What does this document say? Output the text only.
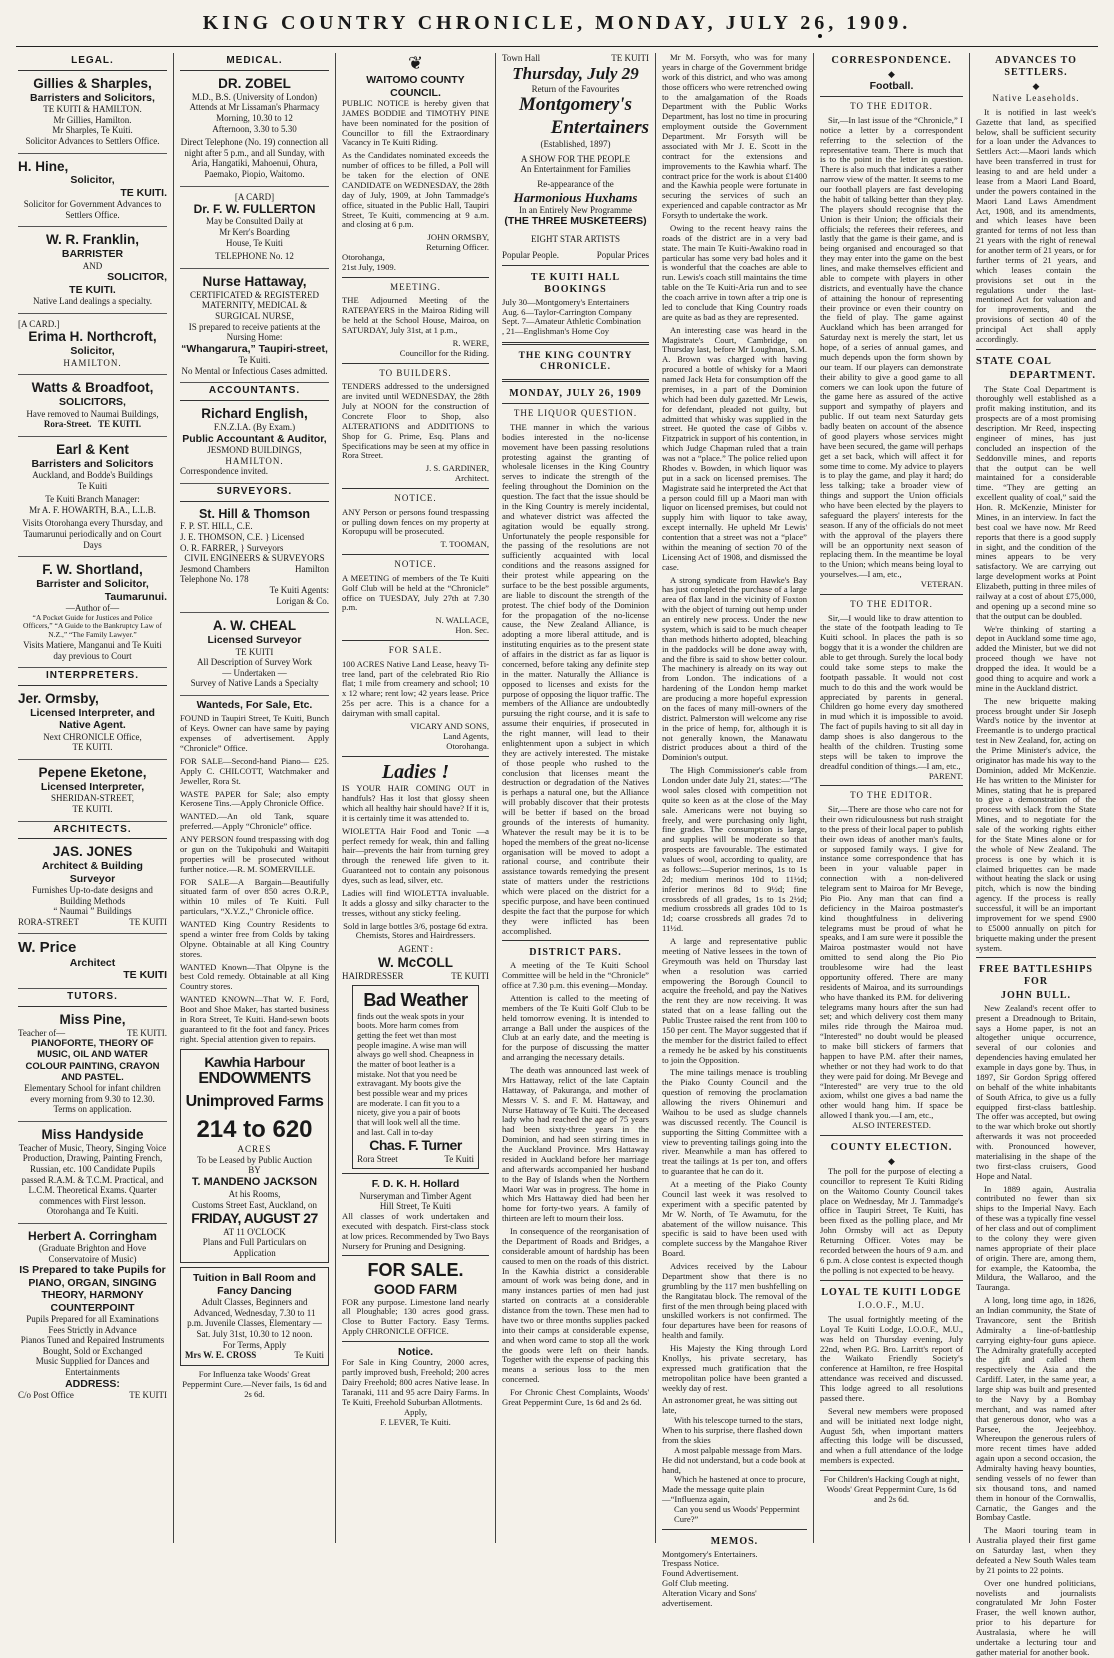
KING COUNTRY CHRONICLE, MONDAY, JULY 26, 1909.
LEGAL.
Gillies & Sharples,
Barristers and Solicitors,
TE KUITI & HAMILTON.
Mr Gillies, Hamilton.
Mr Sharples, Te Kuiti.
Solicitor Advances to Settlers Office.
H. Hine,
Solicitor,
TE KUITI.
Solicitor for Government Advances to Settlers Office.
W. R. Franklin,
BARRISTER
AND
SOLICITOR,
TE KUITI.
Native Land dealings a specialty.
[A CARD.]
Erima H. Northcroft,
Solicitor,
HAMILTON.
Watts & Broadfoot,
SOLICITORS,
Have removed to Naumai Buildings,
Rora-Street. TE KUITI.
Earl & Kent
Barristers and Solicitors
Auckland, and Bodde's Buildings
Te Kuiti
Te Kuiti Branch Manager:
Mr A. F. HOWARTH, B.A., L.L.B.
Visits Otorohanga every Thursday, and Taumarunui periodically and on Court Days
F. W. Shortland,
Barrister and Solicitor,
Taumarunui.
—Author of—
“A Pocket Guide for Justices and Police Officers,” “A Guide to the Bankruptcy Law of N.Z.,” “The Family Lawyer.”
Visits Matiere, Manganui and Te Kuiti day previous to Court
INTERPRETERS.
Jer. Ormsby,
Licensed Interpreter, and Native Agent.
Next CHRONICLE Office,
TE KUITI.
Pepene Eketone,
Licensed Interpreter,
SHERIDAN-STREET,
TE KUITI.
ARCHITECTS.
JAS. JONES
Architect & Building Surveyor
Furnishes Up-to-date designs and Building Methods
“ Naumai ” Buildings
RORA-STREET	TE KUITI
W. Price
Architect
TE KUITI
TUTORS.
Miss Pine,
Teacher of—	TE KUITI.
PIANOFORTE, THEORY OF MUSIC, OIL AND WATER COLOUR PAINTING, CRAYON AND PASTEL.
Elementary School for infant children every morning from 9.30 to 12.30.
Terms on application.
Miss Handyside
Teacher of Music, Theory, Singing Voice Production, Drawing, Painting French, Russian, etc. 100 Candidate Pupils passed R.A.M. & T.C.M. Practical, and L.C.M. Theoretical Exams. Quarter commences with First lesson. Otorohanga and Te Kuiti.
Herbert A. Corringham
(Graduate Brighton and Hove Conservatoire of Music)
IS Prepared to take Pupils for
PIANO, ORGAN, SINGING THEORY, HARMONY COUNTERPOINT
Pupils Prepared for all Examinations
Fees Strictly in Advance
Pianos Tuned and Repaired Instruments Bought, Sold or Exchanged
Music Supplied for Dances and Entertainments
ADDRESS:
C/o Post Office	TE KUITI
MEDICAL.
DR. ZOBEL
M.D., B.S. (University of London)
Attends at Mr Lissaman's Pharmacy
Morning, 10.30 to 12
Afternoon, 3.30 to 5.30
Direct Telephone (No. 19) connection all night after 5 p.m., and all Sunday, with Aria, Hangatiki, Mahoenui, Ohura, Paemako, Piopio, Waitomo.
[A CARD]
Dr. F. W. FULLERTON
May be Consulted Daily at
Mr Kerr's Boarding
House, Te Kuiti
TELEPHONE No. 12
Nurse Hattaway,
CERTIFICATED & REGISTERED MATERNITY, MEDICAL & SURGICAL NURSE,
IS prepared to receive patients at the Nursing Home:
“Whangarura,” Taupiri-street,
Te Kuiti.
No Mental or Infectious Cases admitted.
ACCOUNTANTS.
Richard English,
F.N.Z.I.A. (By Exam.)
Public Accountant & Auditor,
JESMOND BUILDINGS,
HAMILTON.
Correspondence invited.
SURVEYORS.
St. Hill & Thomson
F. P. ST. HILL, C.E.
J. E. THOMSON, C.E. } Licensed
O. R. FARRER, } Surveyors
CIVIL ENGINEERS & SURVEYORS
Jesmond Chambers	Hamilton
Telephone No. 178
Te Kuiti Agents:
Lorigan & Co.
A. W. CHEAL
Licensed Surveyor
TE KUITI
All Description of Survey Work
— Undertaken —
Survey of Native Lands a Specialty
Wanteds, For Sale, Etc.

FOUND in Taupiri Street, Te Kuiti, Bunch of Keys. Owner can have same by paying expenses of advertisement. Apply “Chronicle” Office.

FOR SALE—Second-hand Piano— £25. Apply C. CHILCOTT, Watchmaker and Jeweller, Rora St.

WASTE PAPER for Sale; also empty Kerosene Tins.—Apply Chronicle Office.

WANTED.—An old Tank, square preferred.—Apply “Chronicle” office.

ANY PERSON found trespassing with dog or gun on the Tukipohuki and Waitapiti properties will be prosecuted without further notice.—R. M. SOMERVILLE.

FOR SALE—A Bargain—Beautifully situated farm of over 850 acres O.R.P., within 10 miles of Te Kuiti. Full particulars, “X.Y.Z.,” Chronicle office.

WANTED King Country Residents to spend a winter free from Colds by taking Olpyne. Obtainable at all King Country stores.

WANTED Known—That Olpyne is the best Cold remedy. Obtainable at all King Country stores.

WANTED KNOWN—That W. F. Ford, Boot and Shoe Maker, has started business in Rora Street, Te Kuiti. Hand-sewn boots guaranteed to fit the foot and fancy. Prices right. Special attention given to repairs.

Kawhia Harbour
ENDOWMENTS
Unimproved Farms
214 to 620
ACRES
To be Leased by Public Auction
BY
T. MANDENO JACKSON
At his Rooms,
Customs Street East, Auckland, on
FRIDAY, AUGUST 27
AT 11 O'CLOCK
Plans and Full Particulars on Application
Tuition in Ball Room and
Fancy Dancing
Adult Classes, Beginners and Advanced, Wednesday, 7.30 to 11 p.m. Juvenile Classes, Elementary —Sat. July 31st, 10.30 to 12 noon.
For Terms, Apply
Mrs W. E. CROSS	Te Kuiti
For Influenza take Woods' Great Peppermint Cure.—Never fails, 1s 6d and 2s 6d.
❦
WAITOMO COUNTY COUNCIL.

PUBLIC NOTICE is hereby given that JAMES BODDIE and TIMOTHY PINE have been nominated for the position of Councillor to fill the Extraordinary Vacancy in Te Kuiti Riding.

As the Candidates nominated exceeds the number of offices to be filled, a Poll will be taken for the election of ONE CANDIDATE on WEDNESDAY, the 28th day of July, 1909, at John Tammadge's office, situated in the Public Hall, Taupiri Street, Te Kuiti, commencing at 9 a.m. and closing at 6 p.m.

JOHN ORMSBY,
Returning Officer.
Otorohanga,
21st July, 1909.
MEETING.

THE Adjourned Meeting of the RATEPAYERS in the Mairoa Riding will be held at the School House, Mairoa, on SATURDAY, July 31st, at 1 p.m.,

R. WERE,
Councillor for the Riding.
TO BUILDERS.

TENDERS addressed to the undersigned are invited until WEDNESDAY, the 28th July at NOON for the construction of Concrete Floor to Shop, also ALTERATIONS and ADDITIONS to Shop for G. Prime, Esq. Plans and Specifications may be seen at my office in Rora Street.

J. S. GARDINER,
Architect.
NOTICE.

ANY Person or persons found trespassing or pulling down fences on my property at Koropupu will be prosecuted.

T. TOOMAN,
NOTICE.

A MEETING of members of the Te Kuiti Golf Club will be held at the “Chronicle” office on TUESDAY, July 27th at 7.30 p.m.

N. WALLACE,
Hon. Sec.
FOR SALE.

100 ACRES Native Land Lease, heavy Ti-tree land, part of the celebrated Rio Rio flat; 1 mile from creamery and school; 10 x 12 whare; rent low; 42 years lease. Price 25s per acre. This is a chance for a dairyman with small capital.

VICARY AND SONS,
Land Agents,
Otorohanga.
Ladies !

IS YOUR HAIR COMING OUT in handfuls? Has it lost that glossy sheen which all healthy hair should have? If it is, it is certainly time it was attended to.

WIOLETTA Hair Food and Tonic —a perfect remedy for weak, thin and falling hair—prevents the hair from turning grey through the renewed life given to it. Guaranteed not to contain any poisonous dyes, such as lead, silver, etc.

Ladies will find WIOLETTA invaluable. It adds a glossy and silky character to the tresses, without any sticky feeling.

Sold in large bottles 3/6, postage 6d extra. Chemists, Stores and Hairdressers.

AGENT :
W. McCOLL
HAIRDRESSER	TE KUITI
Bad Weather
finds out the weak spots in your boots. More harm comes from getting the feet wet than most people imagine. A wise man will always go well shod. Cheapness in the matter of boot leather is a mistake. Not that you need be extravagant. My boots give the best possible wear and my prices are moderate. I can fit you to a nicety, give you a pair of boots that will look well all the time. and last. Call in to-day
Chas. F. Turner
Rora Street	Te Kuiti
F. D. K. H. Hollard
Nurseryman and Timber Agent
Hill Street, Te Kuiti
All classes of work undertaken and executed with despatch. First-class stock at low prices. Recommended by Two Bays Nursery for Pruning and Designing.
FOR SALE.
GOOD FARM
FOR any purpose. Limestone land nearly all Ploughable; 130 acres good grass. Close to Butter Factory. Easy Terms. Apply CHRONICLE OFFICE.
Notice.
For Sale in King Country, 2000 acres, partly improved bush, Freehold; 200 acres Dairy Freehold; 800 acres Native lease. In Taranaki, 111 and 95 acre Dairy Farms. In Te Kuiti, Freehold Suburban Allotments.
Apply,
F. LEVER, Te Kuiti.
Town Hall	TE KUITI
Thursday, July 29
Return of the Favourites
Montgomery's
Entertainers
(Established, 1897)
A SHOW FOR THE PEOPLE
An Entertainment for Families
Re-appearance of the
Harmonious Huxhams
In an Entirely New Programme
(THE THREE MUSKETEERS)
EIGHT STAR ARTISTS
Popular People.	Popular Prices
TE KUITI HALL BOOKINGS
July 30—Montgomery's Entertainers
Aug. 6—Taylor-Carrington Company
Sept. 7—Amateur Athletic Combination
, 21—Englishman's Home Coy
THE KING COUNTRY CHRONICLE.
MONDAY, JULY 26, 1909
THE LIQUOR QUESTION.
THE manner in which the various bodies interested in the no-license movement have been passing resolutions protesting against the granting of wholesale licenses in the King Country serves to indicate the strength of the feeling throughout the Dominion on the question. The fact that the issue should be in the King Country is merely incidental, and whatever district was affected the agitation would be equally strong. Unfortunately the people responsible for the passing of the resolutions are not sufficiently acquainted with local conditions and the reasons assigned for their protest while appearing on the surface to be the best possible arguments, are liable to discount the strength of the protest. The chief body of the Dominion for the propagation of the no-license cause, the New Zealand Alliance, is adopting a more liberal attitude, and is instituting enquiries as to the present state of affairs in the district as far as liquor is concerned, before taking any definite step in the matter. Naturally the Alliance is opposed to licenses and exists for the purpose of opposing the liquor traffic. The members of the Alliance are undoubtedly pursuing the right course, and it is safe to assume their enquiries, if prosecuted in the right manner, will lead to their enlightenment upon a subject in which they are actively interested. The mistake of those people who rushed to the conclusion that licenses meant the destruction or degradation of the Natives is perhaps a natural one, but the Alliance will probably discover that their protests will be better if based on the broad grounds of the interests of humanity. Whatever the result may be it is to be hoped the members of the great no-license organisation will be moved to adopt a rational course, and contribute their assistance towards remedying the present state of matters under the restrictions which were placed on the district for a specific purpose, and have been continued despite the fact that the purpose for which they were inflicted has been accomplished.
DISTRICT PARS.

A meeting of the Te Kuiti School Committee will be held in the “Chronicle” office at 7.30 p.m. this evening—Monday.

Attention is called to the meeting of members of the Te Kuiti Golf Club to be held tomorrow evening. It is intended to arrange a Ball under the auspices of the Club at an early date, and the meeting is for the purpose of discussing the matter and arranging the necessary details.

The death was announced last week of Mrs Hattaway, relict of the late Captain Hattaway, of Pakuranga, and mother of Messrs V. S. and F. M. Hattaway, and Nurse Hattaway of Te Kuiti. The deceased lady who had reached the age of 75 years had been sixty-three years in the Dominion, and had seen stirring times in the Auckland Province. Mrs Hattaway resided in Auckland before her marriage and afterwards accompanied her husband to the Bay of Islands when the Northern Maori War was in progress. The home in which Mrs Hattaway died had been her home for forty-two years. A family of thirteen are left to mourn their loss.

In consequence of the reorganisation of the Department of Roads and Bridges, a considerable amount of hardship has been caused to men on the roads of this district. In the Kawhia district a considerable amount of work was being done, and in many instances parties of men had just started on contracts at a considerable distance from the town. These men had to have two or three months supplies packed into their camps at considerable expense, and when word came to stop all the work the goods were left on their hands. Together with the expense of packing this means a serious loss to the men concerned.

For Chronic Chest Complaints, Woods' Great Peppermint Cure, 1s 6d and 2s 6d.

Mr M. Forsyth, who was for many years in charge of the Government bridge work of this district, and who was among those officers who were retrenched owing to the amalgamation of the Roads Department with the Public Works Department, has lost no time in procuring employment outside the Government Department. Mr Forsyth will be associated with Mr J. E. Scott in the contract for the extensions and improvements to the Kawhia wharf. The contract price for the work is about £1400 and the Kawhia people were fortunate in securing the services of such an experienced and capable contractor as Mr Forsyth to undertake the work.

Owing to the recent heavy rains the roads of the district are in a very bad state. The main Te Kuiti-Awakino road in particular has some very bad holes and it is wonderful that the coaches are able to run. Lewis's coach still maintains the time table on the Te Kuiti-Aria run and to see the coach arrive in town after a trip one is led to conclude that King Country roads are quite as bad as they are represented.

An interesting case was heard in the Magistrate's Court, Cambridge, on Thursday last, before Mr Loughnan, S.M. A. Brown was charged with having procured a bottle of whisky for a Maori named Jack Heta for consumption off the premises, in a part of the Dominion which had been duly gazetted. Mr Lewis, for defendant, pleaded not guilty, but admitted that whisky was supplied in the street. He quoted the case of Gibbs v. Fitzpatrick in support of his contention, in which Judge Chapman ruled that a train was not a “place.” The police relied upon Rhodes v. Bowden, in which liquor was put in a sack on licensed premises. The Magistrate said he interpreted the Act that a person could fill up a Maori man with liquor on licensed premises, but could not supply him with liquor to take away, except internally. He upheld Mr Lewis' contention that a street was not a “place” within the meaning of section 70 of the Licensing Act of 1908, and dismissed the case.

A strong syndicate from Hawke's Bay has just completed the purchase of a large area of flax land in the vicinity of Foxton with the object of turning out hemp under an entirely new process. Under the new system, which is said to be much cheaper than methods hitherto adopted, bleaching in the paddocks will be done away with, and the fibre is said to show better colour. The machinery is already on its way out from London. The indications of a hardening of the London hemp market are producing a more hopeful expression on the faces of many mill-owners of the district. Palmerston will welcome any rise in the price of hemp, for, although it is not generally known, the Manawatu district produces about a third of the Dominion's output.

The High Commissioner's cable from London under date July 21, states:—“The wool sales closed with competition not quite so keen as at the close of the May sale. Americans were not buying so freely, and were purchasing only light, fine grades. The consumption is large, and supplies will be moderate so that prospects are favourable. The estimated values of wool, according to quality, are as follows:—Superior merinos, 1s to 1s 2d; medium merinos 10d to 11½d; inferior merinos 8d to 9½d; fine crossbreds of all grades, 1s to 1s 2½d; medium crossbreds all grades 10d to 1s 1d; coarse crossbreds all grades 7d to 11½d.

A large and representative public meeting of Native lessees in the town of Greymouth was held on Thursday last when a resolution was carried empowering the Borough Council to acquire the freehold, and pay the Natives the rent they are now receiving. It was stated that on a lease falling out the Public Trustee raised the rent from 100 to 150 per cent. The Mayor suggested that if the member for the district failed to effect a remedy he be asked by his constituents to join the Opposition.

The mine tailings menace is troubling the Piako County Council and the question of removing the proclamation allowing the rivers Ohinemuri and Waihou to be used as sludge channels was discussed recently. The Council is supporting the Sitting Committee with a view to preventing tailings going into the river. Meanwhile a man has offered to treat the tailings at 1s per ton, and offers to guarantee that he can do it.

At a meeting of the Piako County Council last week it was resolved to experiment with a specific patented by Mr W. North, of Te Awamutu, for the abatement of the willow nuisance. This specific is said to have been used with complete success by the Mangahoe River Board.

Advices received by the Labour Department show that there is no grumbling by the 117 men bushfelling on the Rangitatau block. The removal of the first of the men through being placed with unskilled workers is not confirmed. The four departures have been for reasons of health and family.

His Majesty the King through Lord Knollys, his private secretary, has expressed much gratification that the metropolitan police have been granted a weekly day of rest.

An astronomer great, he was sitting out late,
With his telescope turned to the stars,
When to his surprise, there flashed down from the skies
A most palpable message from Mars.
He did not understand, but a code book at hand,
Which he hastened at once to procure,
Made the message quite plain—“Influenza again,
Can you send us Woods' Peppermint Cure?”
MEMOS.
Montgomery's Entertainers.
Trespass Notice.
Found Advertisement.
Golf Club meeting.
Alteration Vicary and Sons' advertisement.
CORRESPONDENCE.
◆
Football.
TO THE EDITOR.
Sir,—In last issue of the “Chronicle,” I notice a letter by a correspondent referring to the selection of the representative team. There is much that is to the point in the letter in question. There is also much that indicates a rather narrow view of the matter. It seems to me our football players are fast developing the habit of talking better than they play. The players should recognise that the Union is their Union; the officials their officials; the referees their referees, and lastly that the game is their game, and is being organised and encouraged so that they may enter into the game on the best lines, and make themselves efficient and able to compete with players in other districts, and eventually have the chance of attaining the honour of representing their province or even their country on the field of play. The game against Auckland which has been arranged for Saturday next is merely the start, let us hope, of a series of annual games, and much depends upon the form shown by our team. If our players can demonstrate their ability to give a good game to all comers we can look upon the future of the game here as assured of the active support and sympathy of players and public. If out team next Saturday gets badly beaten on account of the absence of good players whose services might have been secured, the game will perhaps get a set back, which will affect it for some time to come. My advice to players is to play the game, and play it hard; do less talking; take a broader view of things and support the Union officials who have been elected by the players to safeguard the players' interests for the season. If any of the officials do not meet with the approval of the players there will be an opportunity next season of replacing them. In the meantime be loyal to the Union; which means being loyal to yourselves.—I am, etc.,
VETERAN.
TO THE EDITOR.
Sir,—I would like to draw attention to the state of the footpath leading to Te Kuiti school. In places the path is so boggy that it is a wonder the children are able to get through. Surely the local body could take some steps to make the footpath passable. It would not cost much to do this and the work would be appreciated by parents in general. Children go home every day smothered in mud which it is impossible to avoid. The fact of pupils having to sit all day in damp shoes is also dangerous to the health of the children. Trusting some steps will be taken to improve the dreadful condition of things.—I am, etc.,
PARENT.
TO THE EDITOR.
Sir,—There are those who care not for their own ridiculousness but rush straight to the press of their local paper to publish their own ideas of another man's faults, or supposed family ways. I give for instance some correspondence that has been in your valuable paper in connection with a non-delivered telegram sent to Mairoa for Mr Bevege, Pio Pio. Any man that can find a deficiency in the Mairoa postmaster's kind thoughtfulness in delivering telegrams must be proud of what he speaks, and I am sure were it possible the Mairoa postmaster would not have omitted to send along the Pio Pio troublesome wire had the least opportunity offered. There are many residents of Mairoa, and its surroundings who have thanked its P.M. for delivering telegrams many hours after the sun had set; and which delivery cost them many miles ride through the Mairoa mud. “Interested” no doubt would be pleased to make bill stickers of farmers that happen to have P.M. after their names, whether or not they had work to do that they were paid for doing. Mr Bevege and “Interested” are very true to the old axiom, whilst one gives a bad name the other would hang him. If space be allowed I thank you.—I am, etc.,
ALSO INTERESTED.
COUNTY ELECTION.
◆
The poll for the purpose of electing a councillor to represent Te Kuiti Riding on the Waitomo County Council takes place on Wednesday, Mr J. Tammadge's office in Taupiri Street, Te Kuiti, has been fixed as the polling place, and Mr John Ormsby will act as Deputy Returning Officer. Votes may be recorded between the hours of 9 a.m. and 6 p.m. A close contest is expected though the polling is not expected to be heavy.
LOYAL TE KUITI LODGE
I.O.O.F., M.U.

The usual fortnightly meeting of the Loyal Te Kuiti Lodge, I.O.O.F., M.U., was held on Thursday evening, July 22nd, when P.G. Bro. Larritt's report of the Waikato Friendly Society's conference at Hamilton, re free Hospital attendance was received and discussed. This lodge agreed to all resolutions passed there.

Several new members were proposed and will be initiated next lodge night, August 5th, when important matters affecting this lodge will be discussed, and when a full attendance of the lodge members is expected.

For Children's Hacking Cough at night, Woods' Great Peppermint Cure, 1s 6d and 2s 6d.
ADVANCES TO SETTLERS.
◆
Native Leaseholds.
It is notified in last week's Gazette that land, as specified below, shall be sufficient security for a loan under the Advances to Settlers Act:—Maori lands which have been transferred in trust for leasing to and are held under a lease from a Maori Land Board, under the powers contained in the Maori Land Laws Amendment Act, 1908, and its amendments, and which leases have been granted for terms of not less than 21 years with the right of renewal for another term of 21 years, or for further terms of 21 years, and which leases contain the provisions set out in the regulations under the last-mentioned Act for valuation and for improvements, and the provisions of section 40 of the principal Act shall apply accordingly.
STATE COAL
DEPARTMENT.

The State Coal Department is thoroughly well established as a profit making institution, and its prospects are of a most promising description. Mr Reed, inspecting engineer of mines, has just concluded an inspection of the Seddonville mines, and reports that the output can be well maintained for a considerable time. “They are getting an excellent quality of coal,” said the Hon. R. McKenzie, Minister for Mines, in an interview. In fact the best coal we have now. Mr Reed reports that there is a good supply in sight, and the condition of the mines appears to be very satisfactory. We are carrying out large development works at Point Elizabeth, putting in three miles of railway at a cost of about £75,000, and opening up a second mine so that the output can be doubled.

We're thinking of starting a depot in Auckland some time ago, added the Minister, but we did not proceed though we have not dropped the idea. It would be a good thing to acquire and work a mine in the Auckland district.

The new briquette making process brought under Sir Joseph Ward's notice by the inventor at Freemantle is to undergo practical test in New Zealand, for, acting on the Prime Minister's advice, the originator has made his way to the Dominion, added Mr McKenzie. He has written to the Minister for Mines, stating that he is prepared to give a demonstration of the process with slack from the State Mines, and to negotiate for the sale of the working rights either for the State Mines alone or for the whole of New Zealand. The process is one by which it is claimed briquettes can be made without heating the slack or using pitch, which is now the binding agency. If the process is really successful, it will be an important improvement for we spend £900 to £5000 annually on pitch for briquette making under the present system.

FREE BATTLESHIPS FOR
JOHN BULL.

New Zealand's recent offer to present a Dreadnough to Britain, says a Home paper, is not an altogether unique occurrence, several of our colonies and dependencies having emulated her example in days gone by. Thus, in 1897, Sir Gordon Sprigg offered on behalf of the white inhabitants of South Africa, to give us a fully equipped first-class battleship. The offer was accepted, but owing to the war which broke out shortly afterwards it was not proceeded with. Pronounced however, materialising in the shape of the two first-class cruisers, Good Hope and Natal.

In 1889 again, Australia contributed no fewer than six ships to the Imperial Navy. Each of these was a typically fine vessel of her class and out of compliment to the colony they were given names appropriate of their place of origin. There are, among them, for example, the Katoomba, the Mildura, the Wallaroo, and the Tauranga.

A long, long time ago, in 1826, an Indian community, the State of Travancore, sent the British Admiralty a line-of-battleship carrying eighty-four guns apiece. The Admiralty gratefully accepted the gift and called them respectively the Asia and the Cardiff. Later, in the same year, a large ship was built and presented to the Navy by a Bombay merchant, and was named after that generous donor, who was a Parsee, the Jeejeebhoy. Whereupon the generous rulers of more recent times have added again upon a second occasion, the Admiralty having heavy bounties, sending vessels of no fewer than six thousand tons, and named them in honour of the Cornwallis, Carnatic, the Ganges and the Bombay Castle.

The Maori touring team in Australia played their first game on Saturday last, when they defeated a New South Wales team by 21 points to 22 points.

Over one hundred politicians, novelists and journalists congratulated Mr John Foster Fraser, the well known author, prior to his departure for Australasia, where he will undertake a lecturing tour and gather material for another book.
